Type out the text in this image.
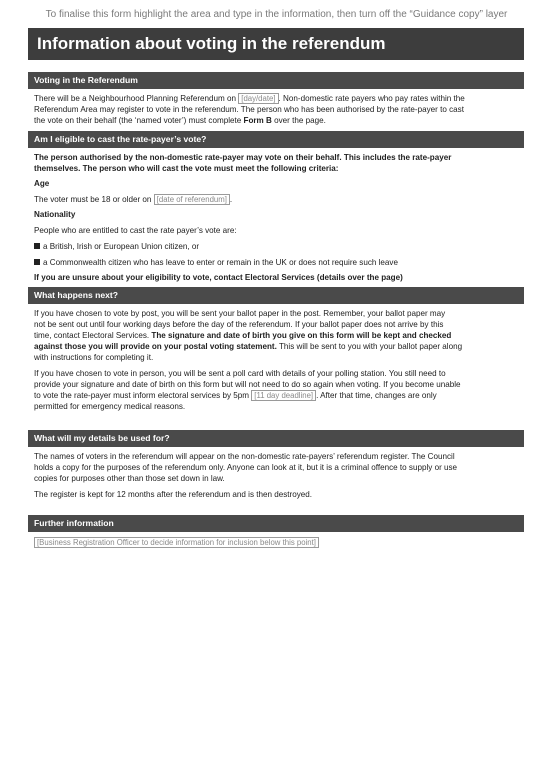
To finalise this form highlight the area and type in the information, then turn off the “Guidance copy” layer
Information about voting in the referendum
Voting in the Referendum

There will be a Neighbourhood Planning Referendum on [day/date] . Non-domestic rate payers who pay rates within the

Referendum Area may register to vote in the referendum. The person who has been authorised by the rate-payer to cast

the vote on their behalf (the ‘named voter’) must complete Form B over the page.

Am I eligible to cast the rate-payer’s vote?

The person authorised by the non-domestic rate-payer may vote on their behalf. This includes the rate-payer

themselves. The person who will cast the vote must meet the following criteria:

Age

The voter must be 18 or older on [date of referendum] .

Nationality

People who are entitled to cast the rate payer’s vote are:

a British, Irish or European Union citizen, or

a Commonwealth citizen who has leave to enter or remain in the UK or does not require such leave

If you are unsure about your eligibility to vote, contact Electoral Services (details over the page)

What happens next?

If you have chosen to vote by post, you will be sent your ballot paper in the post. Remember, your ballot paper may

not be sent out until four working days before the day of the referendum. If your ballot paper does not arrive by this

time, contact Electoral Services. The signature and date of birth you give on this form will be kept and checked

against those you will provide on your postal voting statement. This will be sent to you with your ballot paper along

with instructions for completing it.

If you have chosen to vote in person, you will be sent a poll card with details of your polling station. You still need to

provide your signature and date of birth on this form but will not need to do so again when voting. If you become unable

to vote the rate-payer must inform electoral services by 5pm [11 day deadline] . After that time, changes are only

permitted for emergency medical reasons.

What will my details be used for?

The names of voters in the referendum will appear on the non-domestic rate-payers’ referendum register. The Council

holds a copy for the purposes of the referendum only. Anyone can look at it, but it is a criminal offence to supply or use

copies for purposes other than those set down in law.

The register is kept for 12 months after the referendum and is then destroyed.

Further information
[Business Registration Officer to decide information for inclusion below this point]
